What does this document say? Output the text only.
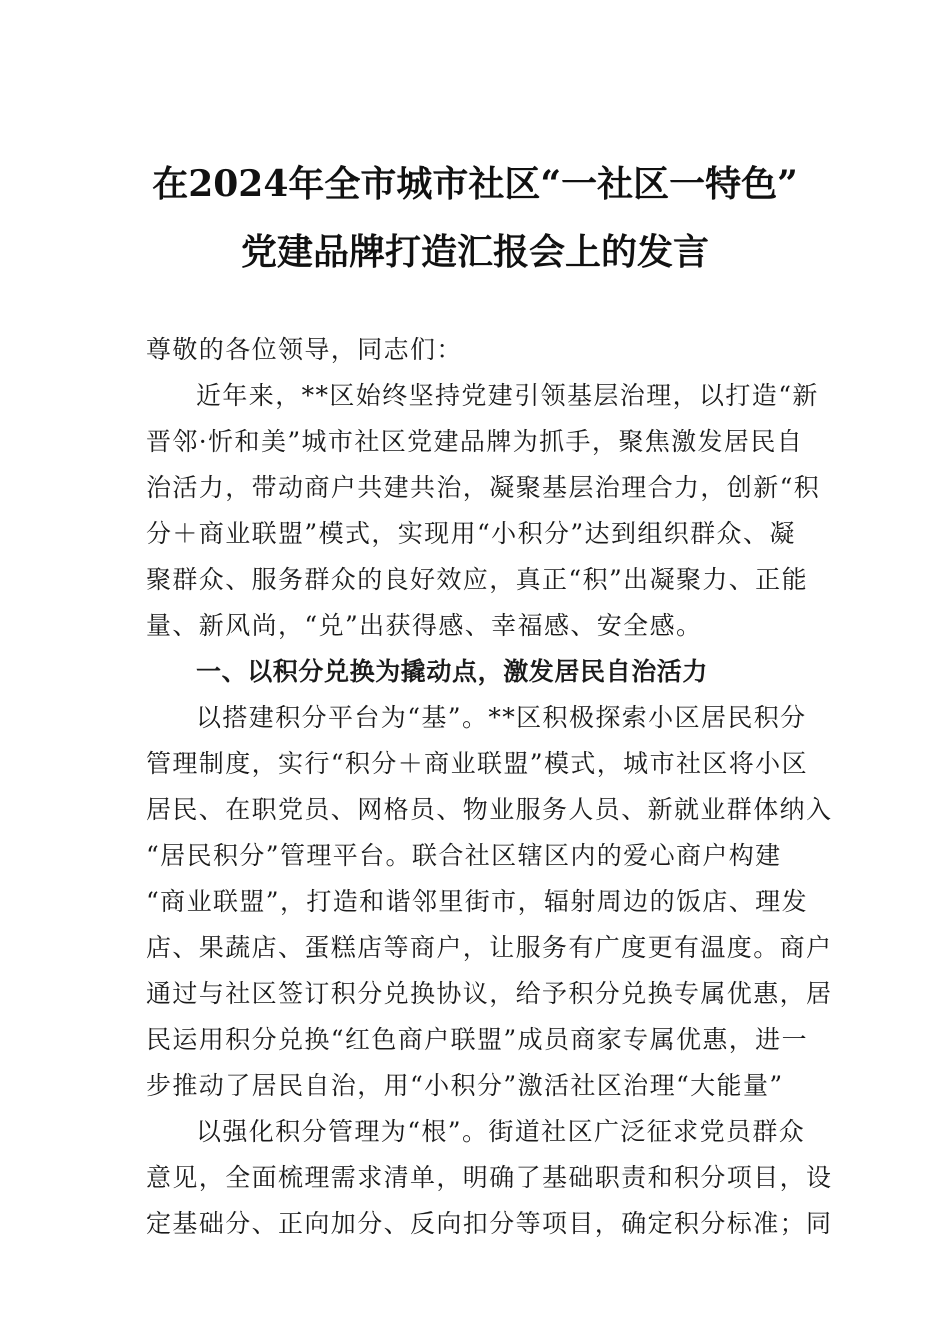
在2024年全市城市社区“一社区一特色”
党建品牌打造汇报会上的发言
尊敬的各位领导，同志们：
近年来，**区始终坚持党建引领基层治理，以打造“新
晋邻·忻和美”城市社区党建品牌为抓手，聚焦激发居民自
治活力，带动商户共建共治，凝聚基层治理合力，创新“积
分＋商业联盟”模式，实现用“小积分”达到组织群众、凝
聚群众、服务群众的良好效应，真正“积”出凝聚力、正能
量、新风尚，“兑”出获得感、幸福感、安全感。
一、以积分兑换为撬动点，激发居民自治活力
以搭建积分平台为“基”。**区积极探索小区居民积分
管理制度，实行“积分＋商业联盟”模式，城市社区将小区
居民、在职党员、网格员、物业服务人员、新就业群体纳入
“居民积分”管理平台。联合社区辖区内的爱心商户构建
“商业联盟”，打造和谐邻里街市，辐射周边的饭店、理发
店、果蔬店、蛋糕店等商户，让服务有广度更有温度。商户
通过与社区签订积分兑换协议，给予积分兑换专属优惠，居
民运用积分兑换“红色商户联盟”成员商家专属优惠，进一
步推动了居民自治，用“小积分”激活社区治理“大能量”
以强化积分管理为“根”。街道社区广泛征求党员群众
意见，全面梳理需求清单，明确了基础职责和积分项目，设
定基础分、正向加分、反向扣分等项目，确定积分标准；同
